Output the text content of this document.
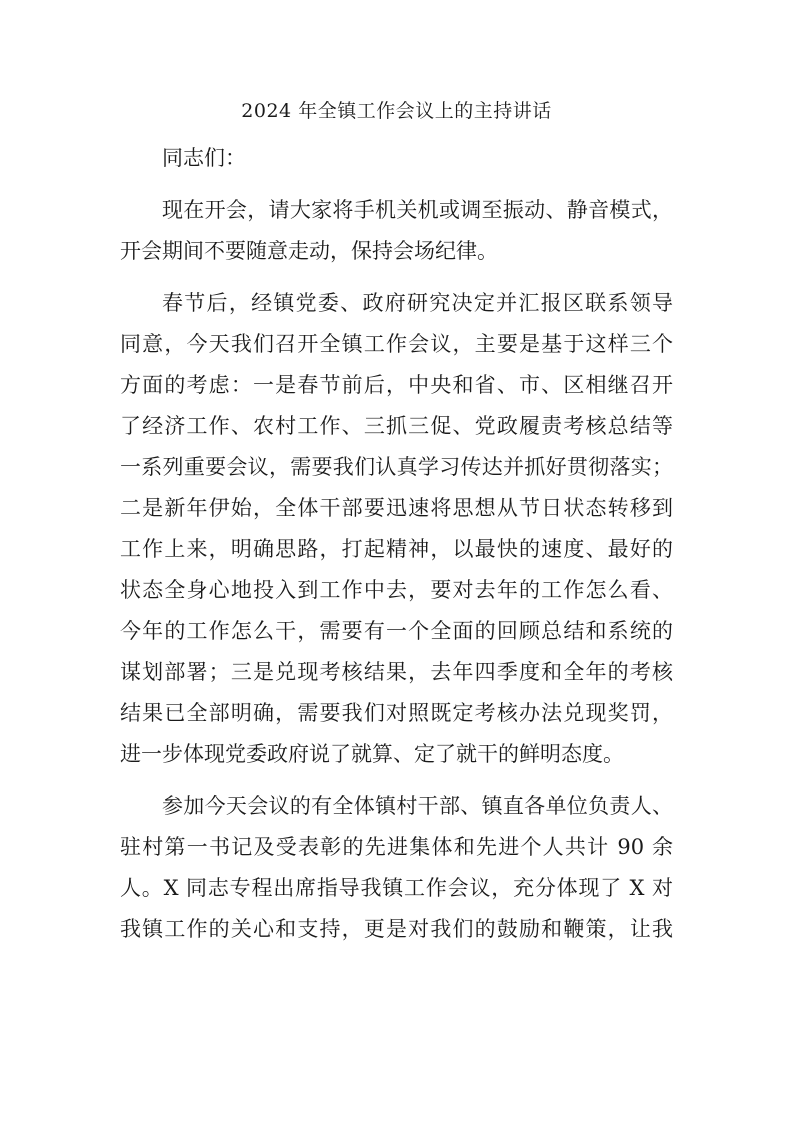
2024 年全镇工作会议上的主持讲话
同志们：
现在开会，请大家将手机关机或调至振动、静音模式，
开会期间不要随意走动，保持会场纪律。
春节后，经镇党委、政府研究决定并汇报区联系领导
同意，今天我们召开全镇工作会议，主要是基于这样三个
方面的考虑：一是春节前后，中央和省、市、区相继召开
了经济工作、农村工作、三抓三促、党政履责考核总结等
一系列重要会议，需要我们认真学习传达并抓好贯彻落实；
二是新年伊始，全体干部要迅速将思想从节日状态转移到
工作上来，明确思路，打起精神，以最快的速度、最好的
状态全身心地投入到工作中去，要对去年的工作怎么看、
今年的工作怎么干，需要有一个全面的回顾总结和系统的
谋划部署；三是兑现考核结果，去年四季度和全年的考核
结果已全部明确，需要我们对照既定考核办法兑现奖罚，
进一步体现党委政府说了就算、定了就干的鲜明态度。
参加今天会议的有全体镇村干部、镇直各单位负责人、
驻村第一书记及受表彰的先进集体和先进个人共计 90 余
人。X 同志专程出席指导我镇工作会议，充分体现了 X 对
我镇工作的关心和支持，更是对我们的鼓励和鞭策，让我
